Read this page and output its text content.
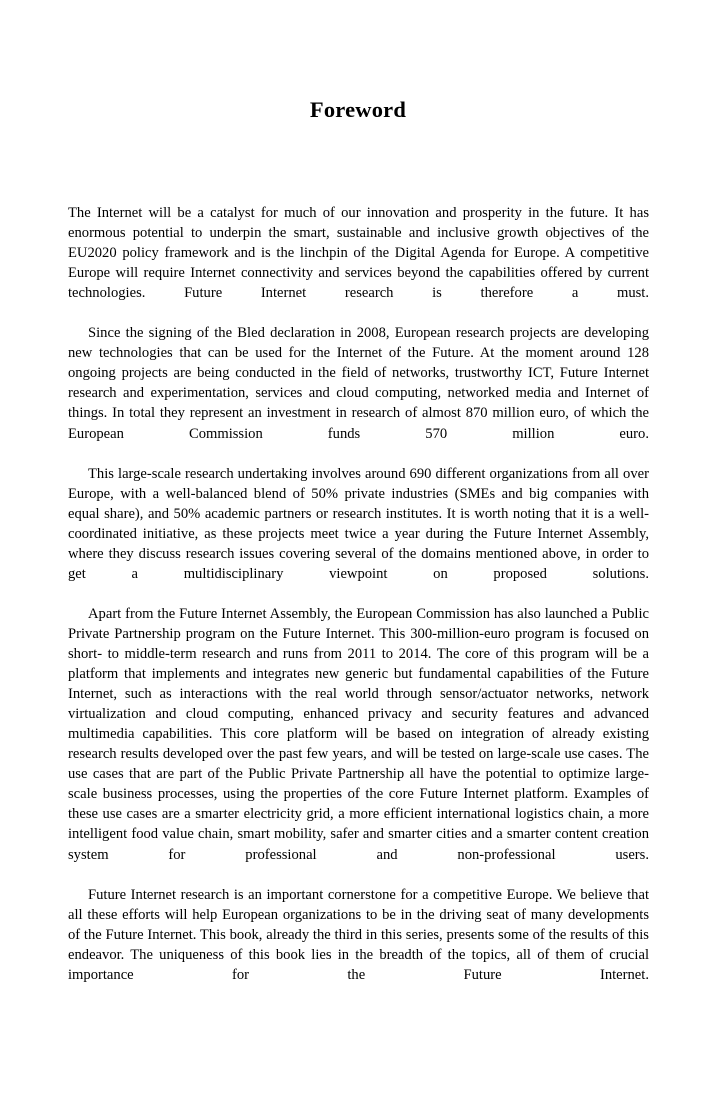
Foreword

The Internet will be a catalyst for much of our innovation and prosperity in the future. It has enormous potential to underpin the smart, sustainable and inclusive growth objectives of the EU2020 policy framework and is the linchpin of the Digital Agenda for Europe. A competitive Europe will require Internet connectivity and services beyond the capabilities offered by current technologies. Future Internet research is therefore a must.

Since the signing of the Bled declaration in 2008, European research projects are developing new technologies that can be used for the Internet of the Future. At the moment around 128 ongoing projects are being conducted in the field of networks, trustworthy ICT, Future Internet research and experimentation, services and cloud computing, networked media and Internet of things. In total they represent an investment in research of almost 870 million euro, of which the European Commission funds 570 million euro.

This large-scale research undertaking involves around 690 different organizations from all over Europe, with a well-balanced blend of 50% private industries (SMEs and big companies with equal share), and 50% academic partners or research institutes. It is worth noting that it is a well-coordinated initiative, as these projects meet twice a year during the Future Internet Assembly, where they discuss research issues covering several of the domains mentioned above, in order to get a multidisciplinary viewpoint on proposed solutions.

Apart from the Future Internet Assembly, the European Commission has also launched a Public Private Partnership program on the Future Internet. This 300-million-euro program is focused on short- to middle-term research and runs from 2011 to 2014. The core of this program will be a platform that implements and integrates new generic but fundamental capabilities of the Future Internet, such as interactions with the real world through sensor/actuator networks, network virtualization and cloud computing, enhanced privacy and security features and advanced multimedia capabilities. This core platform will be based on integration of already existing research results developed over the past few years, and will be tested on large-scale use cases. The use cases that are part of the Public Private Partnership all have the potential to optimize large-scale business processes, using the properties of the core Future Internet platform. Examples of these use cases are a smarter electricity grid, a more efficient international logistics chain, a more intelligent food value chain, smart mobility, safer and smarter cities and a smarter content creation system for professional and non-professional users.

Future Internet research is an important cornerstone for a competitive Europe. We believe that all these efforts will help European organizations to be in the driving seat of many developments of the Future Internet. This book, already the third in this series, presents some of the results of this endeavor. The uniqueness of this book lies in the breadth of the topics, all of them of crucial importance for the Future Internet.
